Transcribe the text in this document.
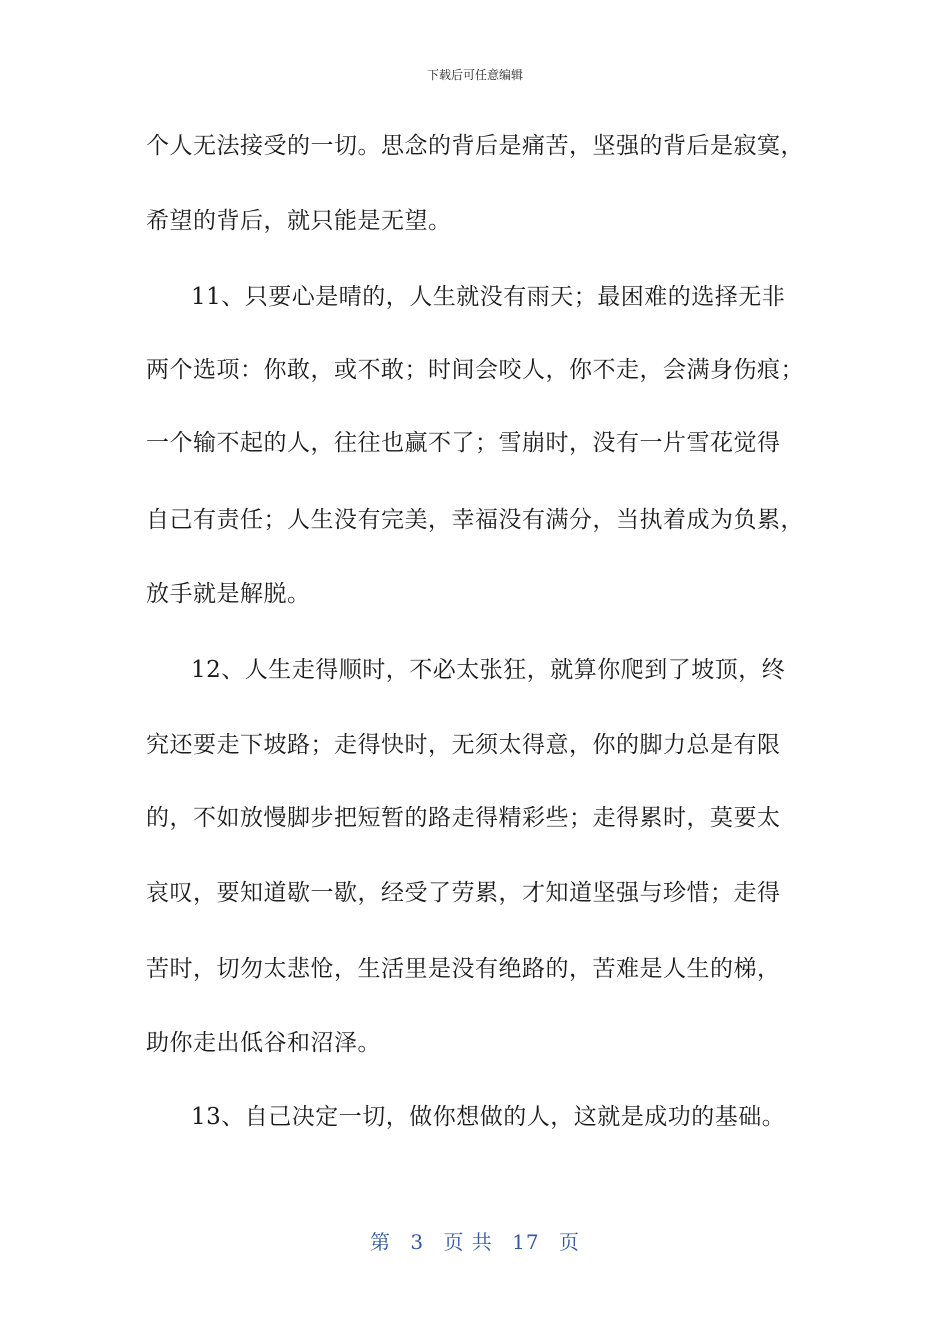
下载后可任意编辑
个人无法接受的一切。思念的背后是痛苦，坚强的背后是寂寞，
希望的背后，就只能是无望。
11、只要心是晴的，人生就没有雨天；最困难的选择无非
两个选项：你敢，或不敢；时间会咬人，你不走，会满身伤痕；
一个输不起的人，往往也赢不了；雪崩时，没有一片雪花觉得
自己有责任；人生没有完美，幸福没有满分，当执着成为负累，
放手就是解脱。
12、人生走得顺时，不必太张狂，就算你爬到了坡顶，终
究还要走下坡路；走得快时，无须太得意，你的脚力总是有限
的，不如放慢脚步把短暂的路走得精彩些；走得累时，莫要太
哀叹，要知道歇一歇，经受了劳累，才知道坚强与珍惜；走得
苦时，切勿太悲怆，生活里是没有绝路的，苦难是人生的梯，
助你走出低谷和沼泽。
13、自己决定一切，做你想做的人，这就是成功的基础。
第 3 页 共 17 页
